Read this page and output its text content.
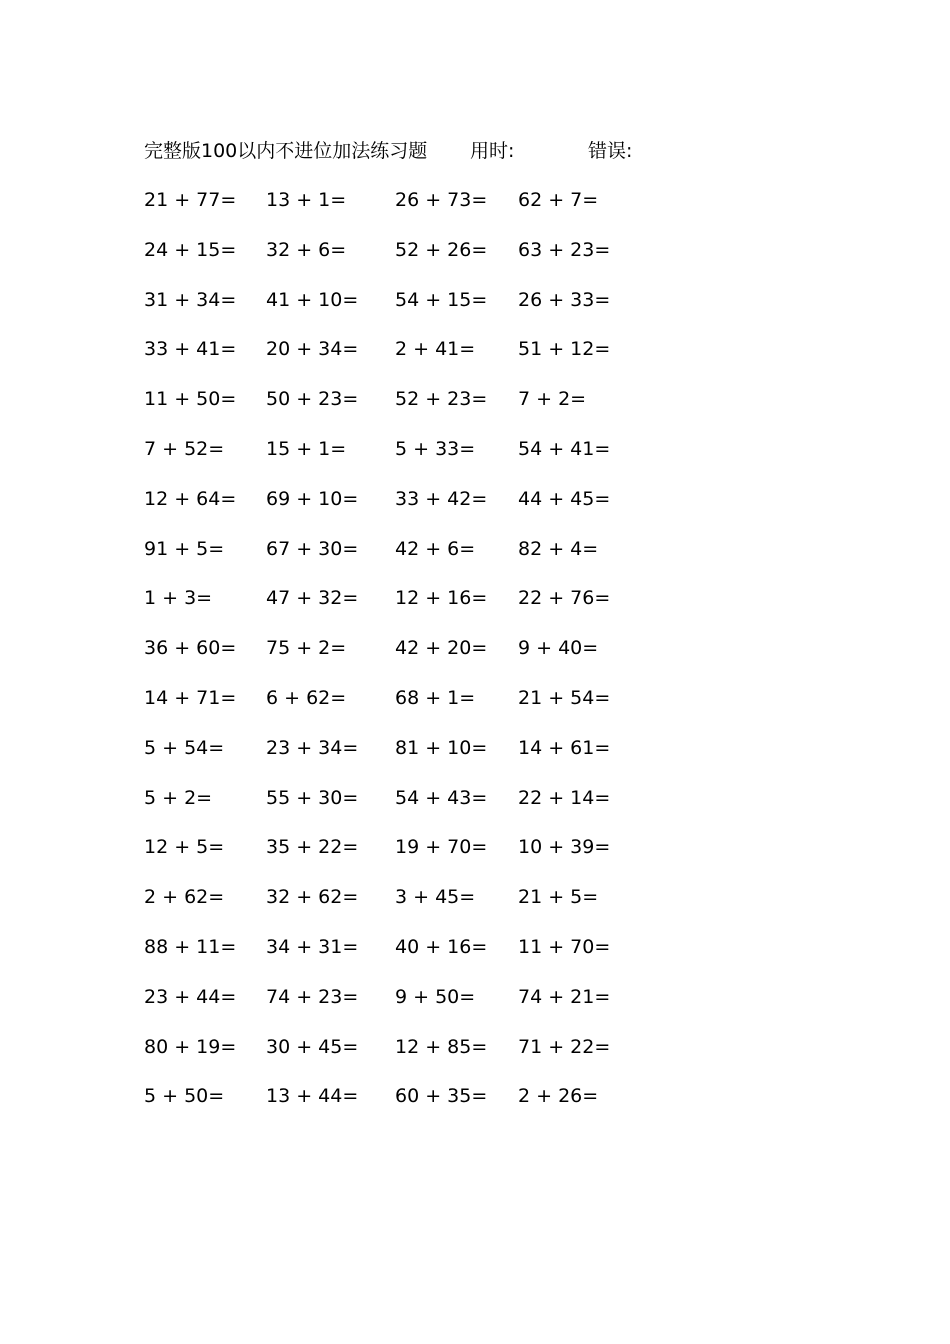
完整版100以内不进位加法练习题 用时:	错误:
21 + 77= 13 + 1=	26 + 73= 62 + 7=
24 + 15= 32 + 6=	52 + 26= 63 + 23=
31 + 34= 41 + 10= 54 + 15= 26 + 33=
33 + 41= 20 + 34= 2 + 41= 51 + 12=
11 + 50= 50 + 23= 52 + 23= 7 + 2=
7 + 52= 15 + 1=	5 + 33= 54 + 41=
12 + 64= 69 + 10= 33 + 42= 44 + 45=
91 + 5= 67 + 30= 42 + 6= 82 + 4=
1 + 3=	47 + 32= 12 + 16= 22 + 76=
36 + 60= 75 + 2=	42 + 20= 9 + 40=
14 + 71= 6 + 62=	68 + 1= 21 + 54=
5 + 54= 23 + 34= 81 + 10= 14 + 61=
5 + 2=	55 + 30= 54 + 43= 22 + 14=
12 + 5= 35 + 22= 19 + 70= 10 + 39=
2 + 62= 32 + 62= 3 + 45= 21 + 5=
88 + 11= 34 + 31= 40 + 16= 11 + 70=
23 + 44= 74 + 23= 9 + 50= 74 + 21=
80 + 19= 30 + 45= 12 + 85= 71 + 22=
5 + 50= 13 + 44= 60 + 35= 2 + 26=
